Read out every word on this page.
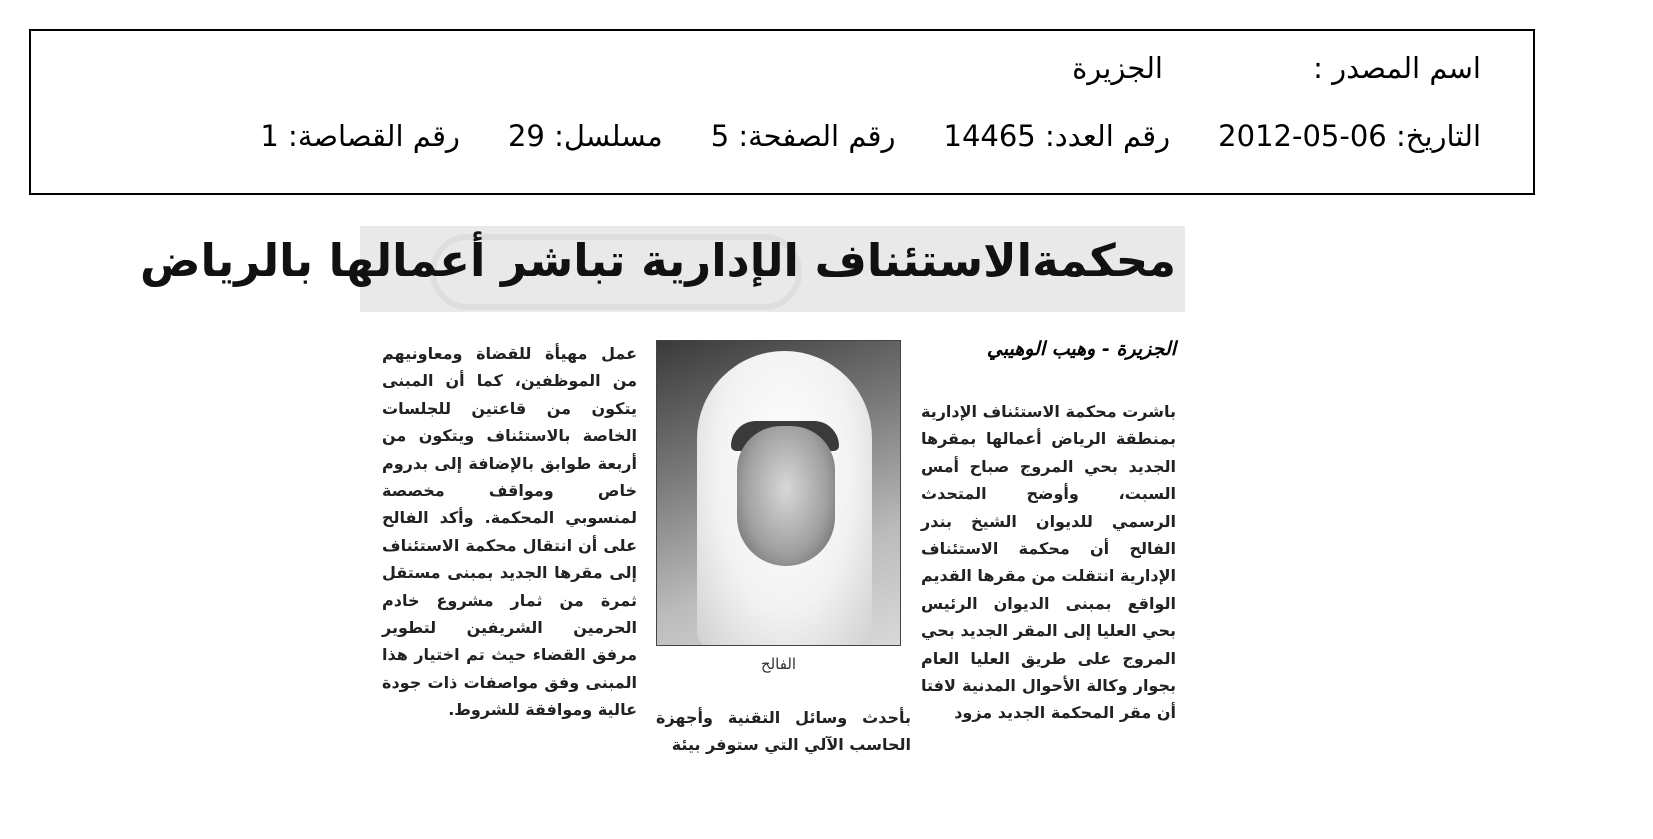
اسم المصدر :
الجزيرة
التاريخ: 06-05-2012
رقم العدد: 14465
رقم الصفحة: 5
مسلسل: 29
رقم القصاصة: 1
محكمةالاستئناف الإدارية تباشر أعمالها بالرياض
الجزيرة - وهيب الوهيبي
باشرت محكمة الاستئناف الإدارية بمنطقة الرياض أعمالها بمقرها الجديد بحي المروج صباح أمس السبت، وأوضح المتحدث الرسمي للديوان الشيخ بندر الفالح أن محكمة الاستئناف الإدارية انتقلت من مقرها القديم الواقع بمبنى الديوان الرئيس بحي العليا إلى المقر الجديد بحي المروج على طريق العليا العام بجوار وكالة الأحوال المدنية لافتا أن مقر المحكمة الجديد مزود
الفالح
بأحدث وسائل التقنية وأجهزة الحاسب الآلي التي ستوفر بيئة
عمل مهيأة للقضاة ومعاونيهم من الموظفين، كما أن المبنى يتكون من قاعتين للجلسات الخاصة بالاستئناف ويتكون من أربعة طوابق بالإضافة إلى بدروم خاص ومواقف مخصصة لمنسوبي المحكمة. وأكد الفالح على أن انتقال محكمة الاستئناف إلى مقرها الجديد بمبنى مستقل ثمرة من ثمار مشروع خادم الحرمين الشريفين لتطوير مرفق القضاء حيث تم اختيار هذا المبنى وفق مواصفات ذات جودة عالية وموافقة للشروط.
